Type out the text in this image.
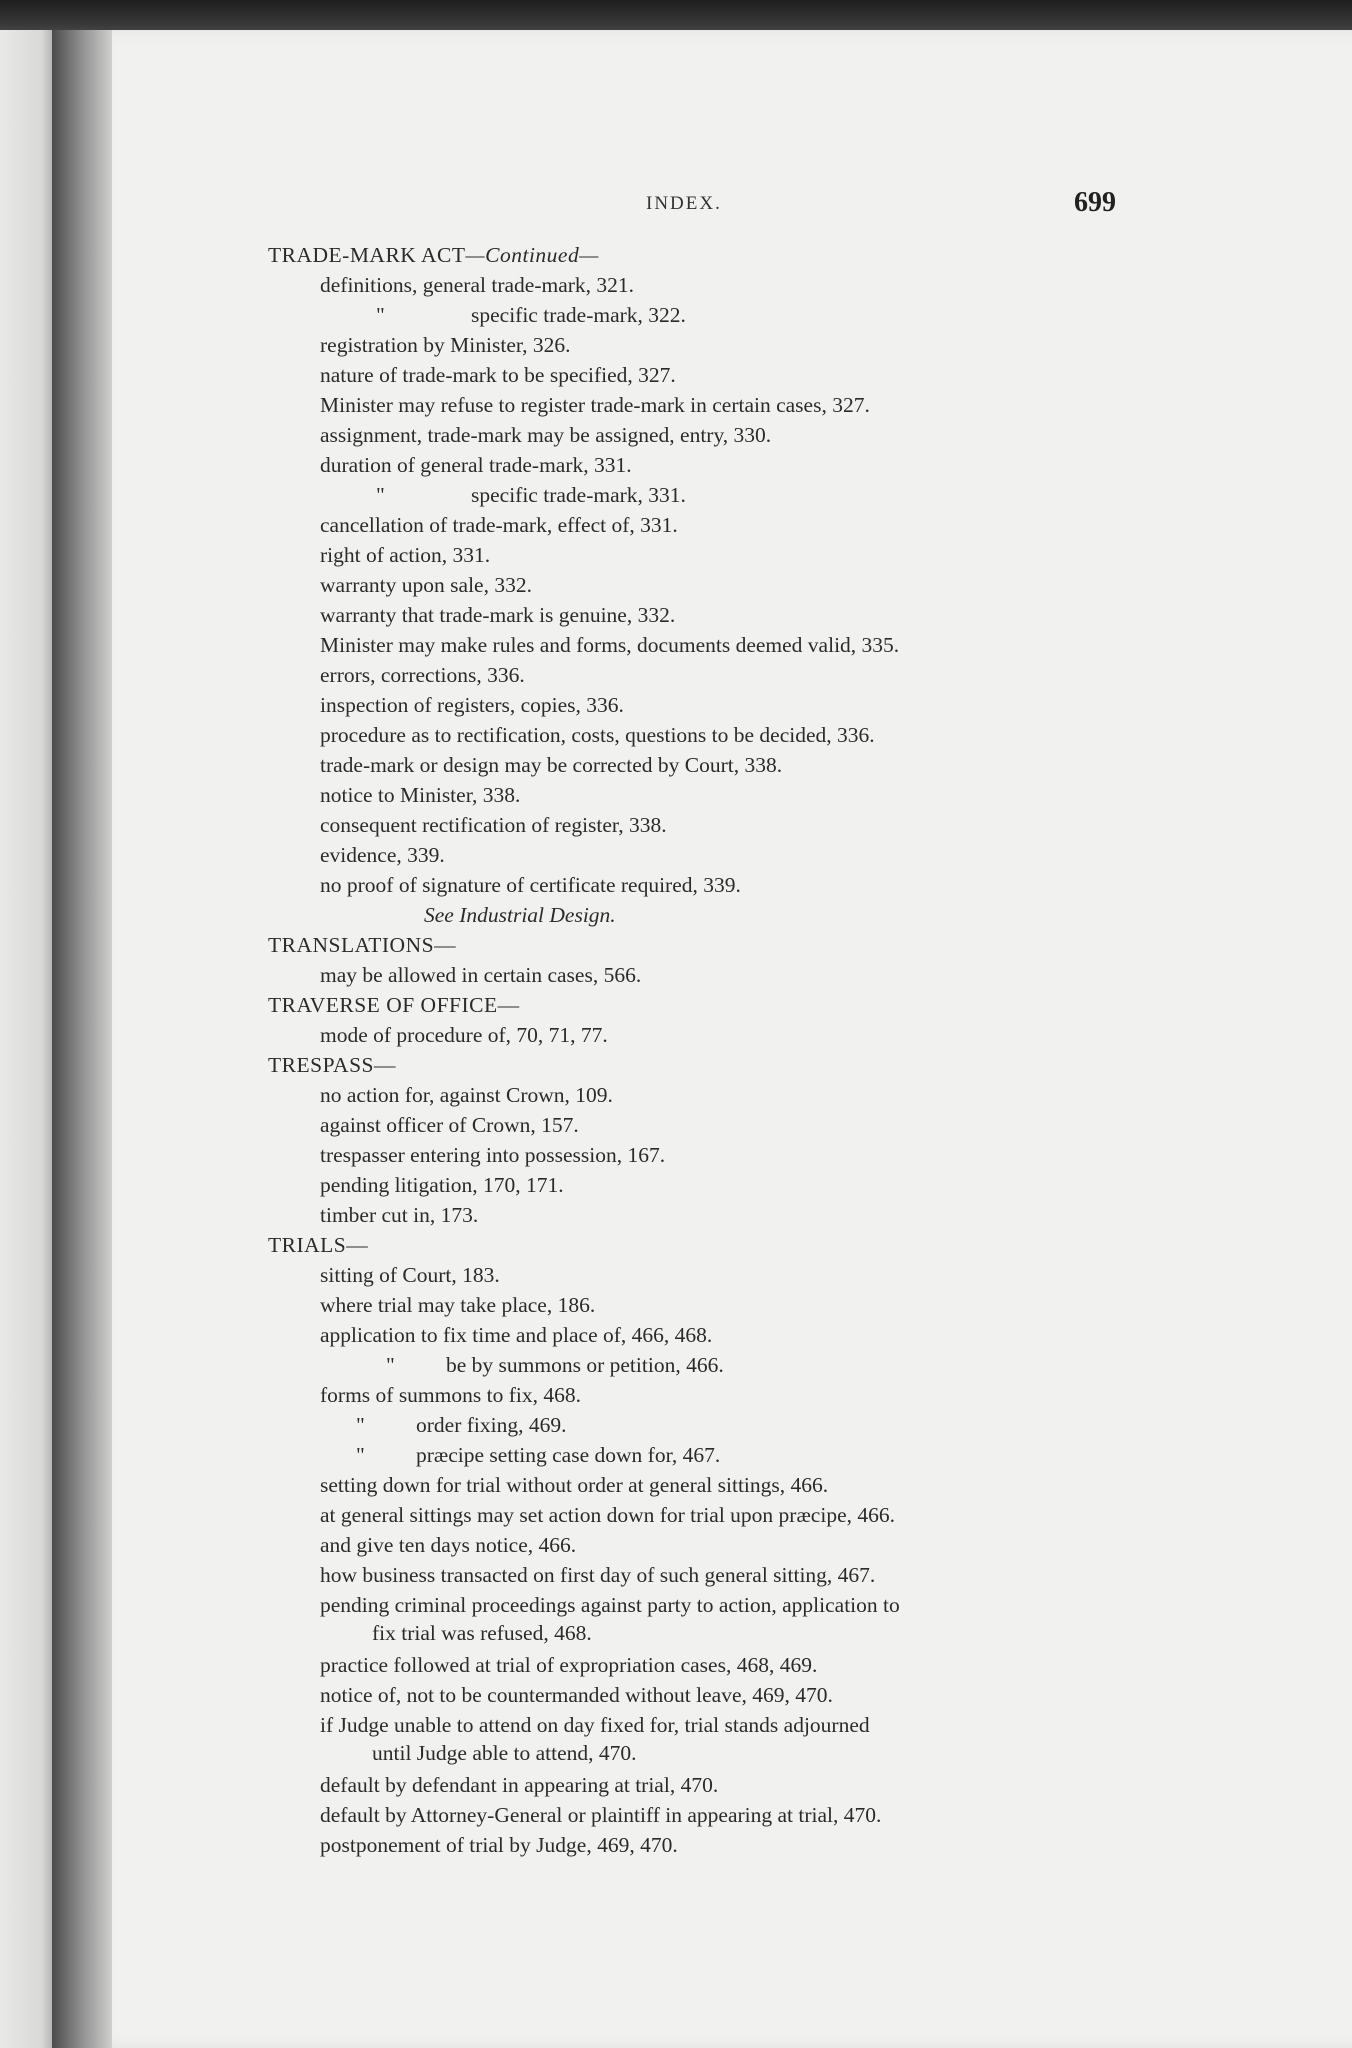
INDEX.	699
TRADE-MARK ACT—Continued—
definitions, general trade-mark, 321.
"	specific trade-mark, 322.
registration by Minister, 326.
nature of trade-mark to be specified, 327.
Minister may refuse to register trade-mark in certain cases, 327.
assignment, trade-mark may be assigned, entry, 330.
duration of general trade-mark, 331.
"	specific trade-mark, 331.
cancellation of trade-mark, effect of, 331.
right of action, 331.
warranty upon sale, 332.
warranty that trade-mark is genuine, 332.
Minister may make rules and forms, documents deemed valid, 335.
errors, corrections, 336.
inspection of registers, copies, 336.
procedure as to rectification, costs, questions to be decided, 336.
trade-mark or design may be corrected by Court, 338.
notice to Minister, 338.
consequent rectification of register, 338.
evidence, 339.
no proof of signature of certificate required, 339.
See Industrial Design.
TRANSLATIONS—
may be allowed in certain cases, 566.
TRAVERSE OF OFFICE—
mode of procedure of, 70, 71, 77.
TRESPASS—
no action for, against Crown, 109.
against officer of Crown, 157.
trespasser entering into possession, 167.
pending litigation, 170, 171.
timber cut in, 173.
TRIALS—
sitting of Court, 183.
where trial may take place, 186.
application to fix time and place of, 466, 468.
" be by summons or petition, 466.
forms of summons to fix, 468.
" order fixing, 469.
" præcipe setting case down for, 467.
setting down for trial without order at general sittings, 466.
at general sittings may set action down for trial upon præcipe, 466.
and give ten days notice, 466.
how business transacted on first day of such general sitting, 467.
pending criminal proceedings against party to action, application to
fix trial was refused, 468.
practice followed at trial of expropriation cases, 468, 469.
notice of, not to be countermanded without leave, 469, 470.
if Judge unable to attend on day fixed for, trial stands adjourned
until Judge able to attend, 470.
default by defendant in appearing at trial, 470.
default by Attorney-General or plaintiff in appearing at trial, 470.
postponement of trial by Judge, 469, 470.
